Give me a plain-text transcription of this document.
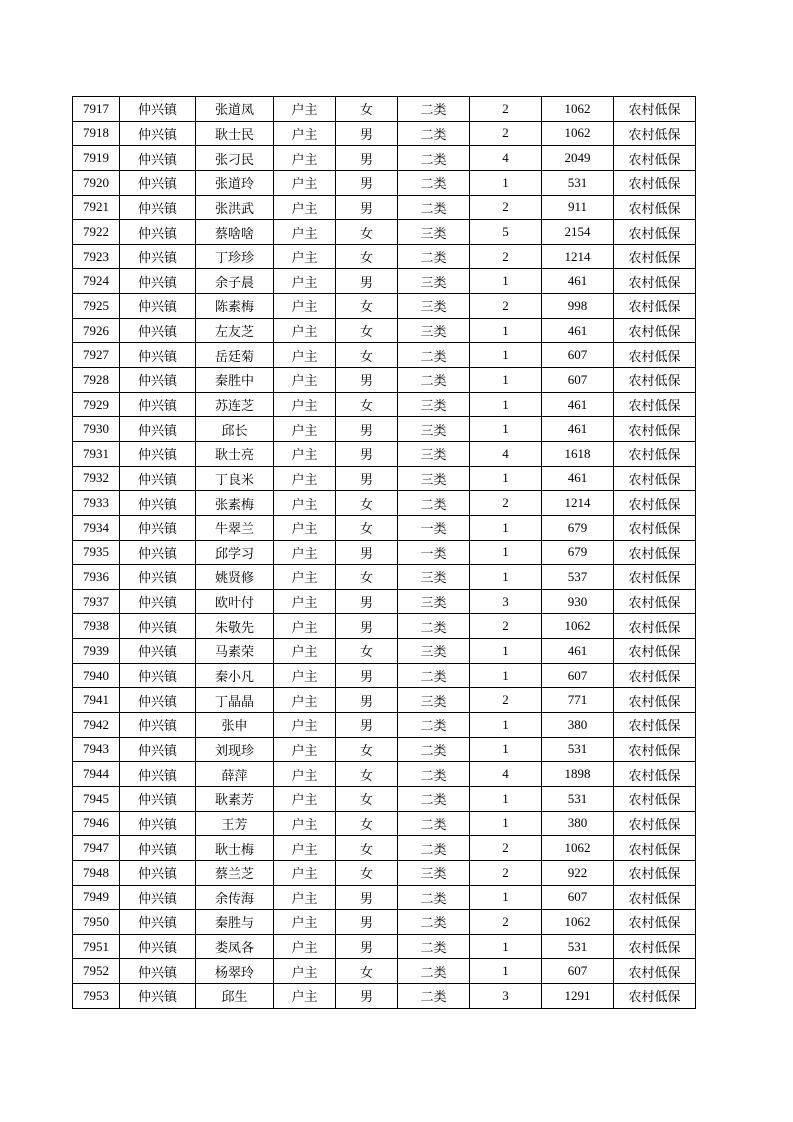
7917	仲兴镇	张道凤	户主	女	二类	2	1062	农村低保
7918	仲兴镇	耿士民	户主	男	二类	2	1062	农村低保
7919	仲兴镇	张刁民	户主	男	二类	4	2049	农村低保
7920	仲兴镇	张道玲	户主	男	二类	1	531	农村低保
7921	仲兴镇	张洪武	户主	男	二类	2	911	农村低保
7922	仲兴镇	蔡啥啥	户主	女	三类	5	2154	农村低保
7923	仲兴镇	丁珍珍	户主	女	二类	2	1214	农村低保
7924	仲兴镇	余子晨	户主	男	三类	1	461	农村低保
7925	仲兴镇	陈素梅	户主	女	三类	2	998	农村低保
7926	仲兴镇	左友芝	户主	女	三类	1	461	农村低保
7927	仲兴镇	岳廷菊	户主	女	二类	1	607	农村低保
7928	仲兴镇	秦胜中	户主	男	二类	1	607	农村低保
7929	仲兴镇	苏连芝	户主	女	三类	1	461	农村低保
7930	仲兴镇	邱长	户主	男	三类	1	461	农村低保
7931	仲兴镇	耿士亮	户主	男	三类	4	1618	农村低保
7932	仲兴镇	丁良米	户主	男	三类	1	461	农村低保
7933	仲兴镇	张素梅	户主	女	二类	2	1214	农村低保
7934	仲兴镇	牛翠兰	户主	女	一类	1	679	农村低保
7935	仲兴镇	邱学习	户主	男	一类	1	679	农村低保
7936	仲兴镇	姚贤修	户主	女	三类	1	537	农村低保
7937	仲兴镇	欧叶付	户主	男	三类	3	930	农村低保
7938	仲兴镇	朱敬先	户主	男	二类	2	1062	农村低保
7939	仲兴镇	马素荣	户主	女	三类	1	461	农村低保
7940	仲兴镇	秦小凡	户主	男	二类	1	607	农村低保
7941	仲兴镇	丁晶晶	户主	男	三类	2	771	农村低保
7942	仲兴镇	张申	户主	男	二类	1	380	农村低保
7943	仲兴镇	刘现珍	户主	女	二类	1	531	农村低保
7944	仲兴镇	薛萍	户主	女	二类	4	1898	农村低保
7945	仲兴镇	耿素芳	户主	女	二类	1	531	农村低保
7946	仲兴镇	王芳	户主	女	二类	1	380	农村低保
7947	仲兴镇	耿士梅	户主	女	二类	2	1062	农村低保
7948	仲兴镇	蔡兰芝	户主	女	三类	2	922	农村低保
7949	仲兴镇	余传海	户主	男	二类	1	607	农村低保
7950	仲兴镇	秦胜与	户主	男	二类	2	1062	农村低保
7951	仲兴镇	娄凤各	户主	男	二类	1	531	农村低保
7952	仲兴镇	杨翠玲	户主	女	二类	1	607	农村低保
7953	仲兴镇	邱生	户主	男	二类	3	1291	农村低保
